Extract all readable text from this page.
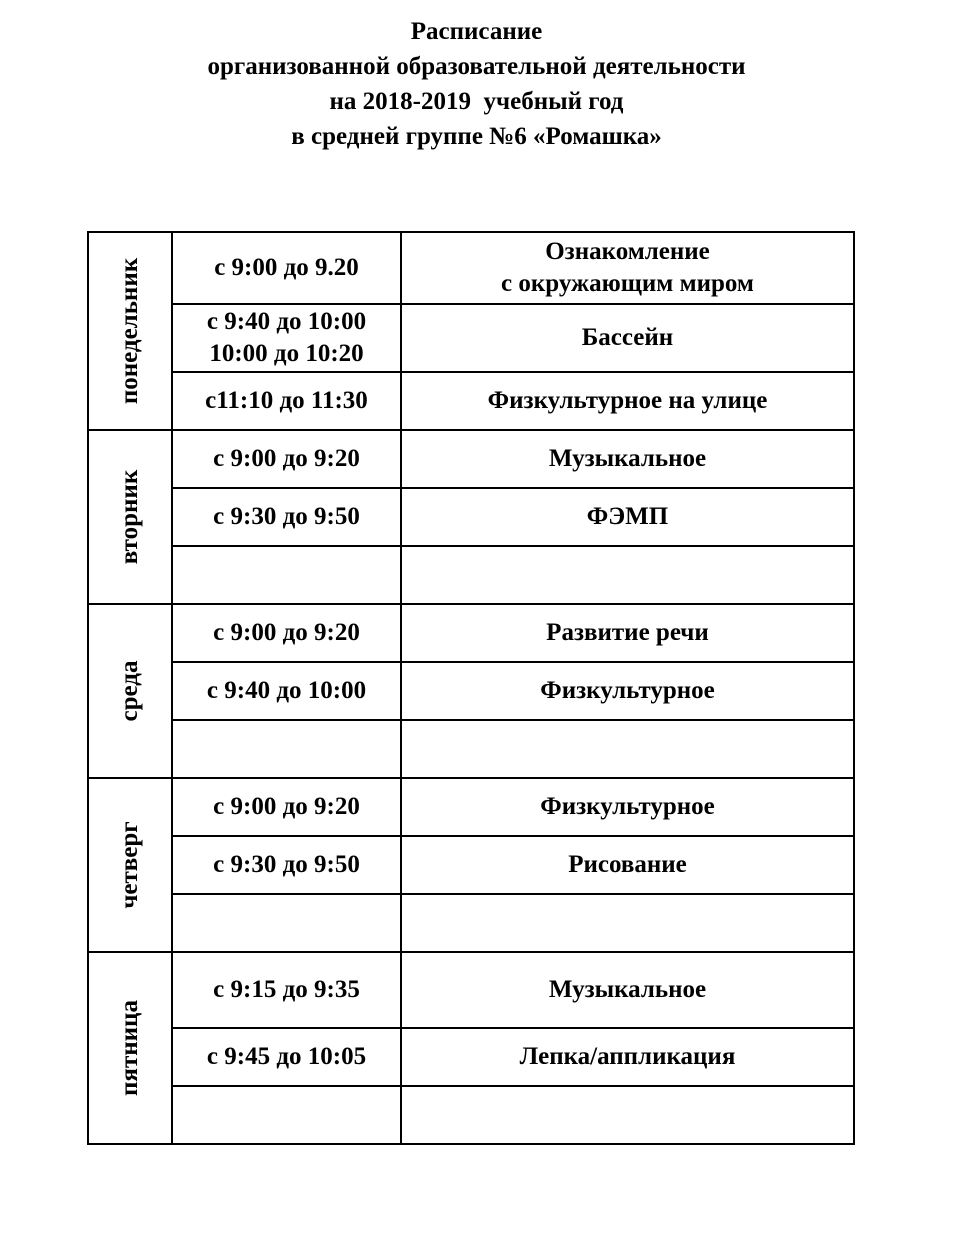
Расписание
организованной образовательной деятельности
на 2018-2019  учебный год
в средней группе №6 «Ромашка»
понедельник	с 9:00 до 9.20	Ознакомление
с окружающим миром

	с 9:40 до 10:00
10:00 до 10:20	Бассейн

	с11:10 до 11:30	Физкультурное на улице

вторник	с 9:00 до 9:20	Музыкальное

	с 9:30 до 9:50	ФЭМП

среда	с 9:00 до 9:20	Развитие речи

	с 9:40 до 10:00	Физкультурное

четверг	с 9:00 до 9:20	Физкультурное

	с 9:30 до 9:50	Рисование

пятница	с 9:15 до 9:35	Музыкальное

	с 9:45 до 10:05	Лепка/аппликация
